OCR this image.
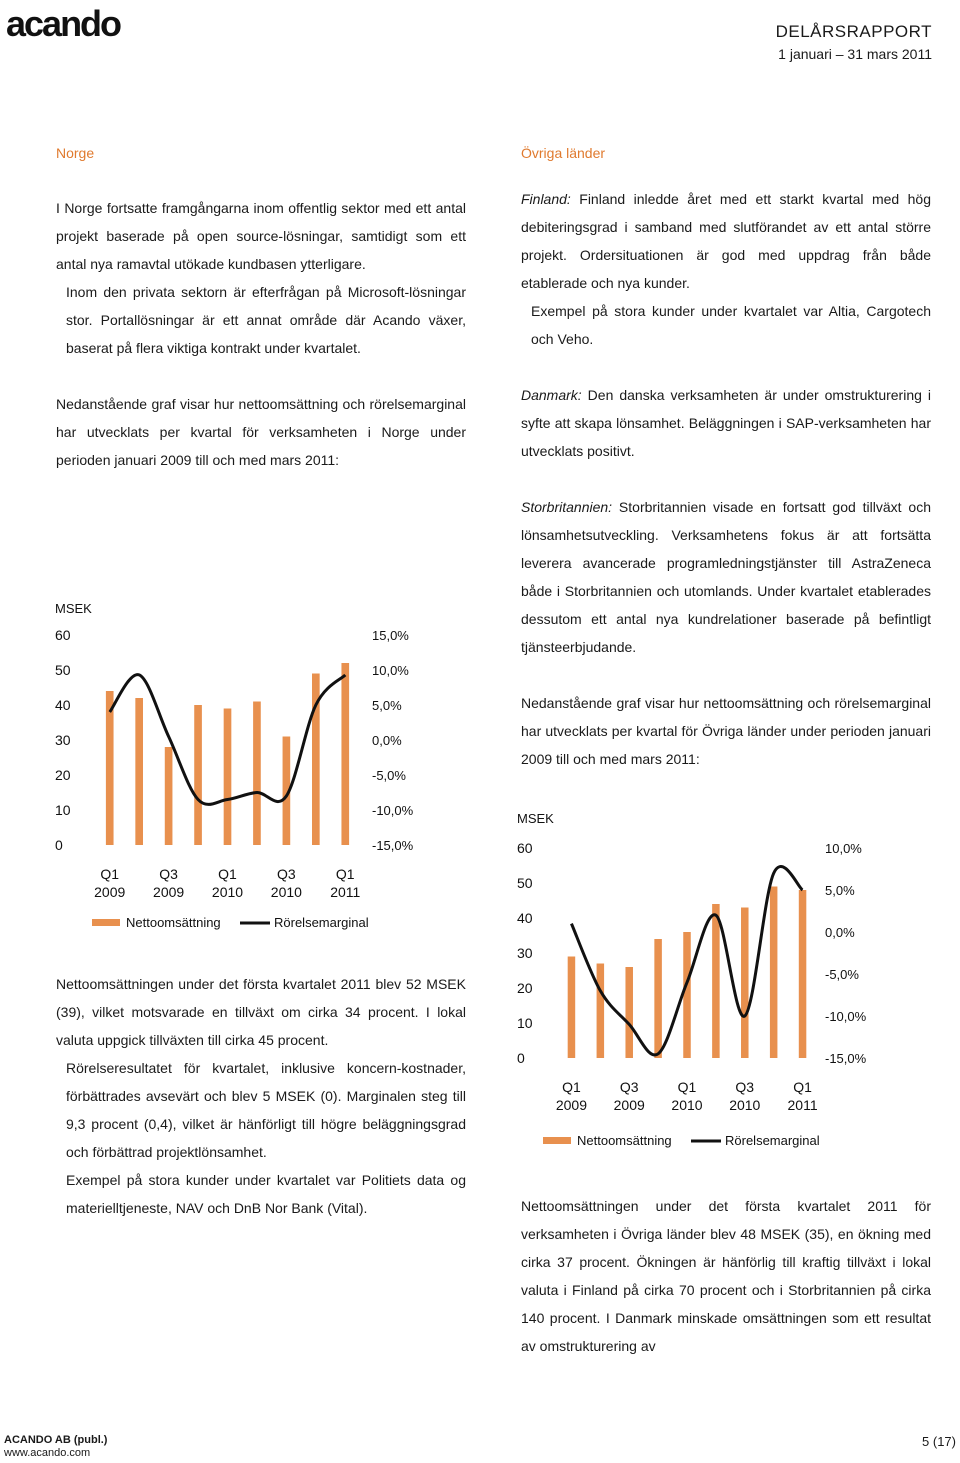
acando	DELÅRSRAPPORT
1 januari – 31 mars 2011
Norge

I Norge fortsatte framgångarna inom offentlig sektor med ett antal projekt baserade på open source-lösningar, samtidigt som ett antal nya ramavtal utökade kundbasen ytterligare.

Inom den privata sektorn är efterfrågan på Microsoft-lösningar stor. Portallösningar är ett annat område där Acando växer, baserat på flera viktiga kontrakt under kvartalet.

Nedanstående graf visar hur nettoomsättning och rörelsemarginal har utvecklats per kvartal för verksamheten i Norge under perioden januari 2009 till och med mars 2011:

MSEK
0
10
20
30
40
50
60
-15,0%
-10,0%
-5,0%
0,0%
5,0%
10,0%
15,0%
Q1
2009
Q3
2009
Q1
2010
Q3
2010
Q1
2011
Nettoomsättning	Rörelsemarginal

Nettoomsättningen under det första kvartalet 2011 blev 52 MSEK (39), vilket motsvarade en tillväxt om cirka 34 procent. I lokal valuta uppgick tillväxten till cirka 45 procent.

Rörelseresultatet för kvartalet, inklusive koncern-kostnader, förbättrades avsevärt och blev 5 MSEK (0). Marginalen steg till 9,3 procent (0,4), vilket är hänförligt till högre beläggningsgrad och förbättrad projektlönsamhet.

Exempel på stora kunder under kvartalet var Politiets data og materielltjeneste, NAV och DnB Nor Bank (Vital).

Övriga länder

Finland: Finland inledde året med ett starkt kvartal med hög debiteringsgrad i samband med slutförandet av ett antal större projekt. Ordersituationen är god med uppdrag från både etablerade och nya kunder.

Exempel på stora kunder under kvartalet var Altia, Cargotech och Veho.

Danmark: Den danska verksamheten är under omstrukturering i syfte att skapa lönsamhet. Beläggningen i SAP-verksamheten har utvecklats positivt.

Storbritannien: Storbritannien visade en fortsatt god tillväxt och lönsamhetsutveckling. Verksamhetens fokus är att fortsätta leverera avancerade programledningstjänster till AstraZeneca både i Storbritannien och utomlands. Under kvartalet etablerades dessutom ett antal nya kundrelationer baserade på befintligt tjänsteerbjudande.

Nedanstående graf visar hur nettoomsättning och rörelsemarginal har utvecklats per kvartal för Övriga länder under perioden januari 2009 till och med mars 2011:

MSEK
0
10
20
30
40
50
60
-15,0%
-10,0%
-5,0%
0,0%
5,0%
10,0%
Q1
2009
Q3
2009
Q1
2010
Q3
2010
Q1
2011
Nettoomsättning	Rörelsemarginal

Nettoomsättningen under det första kvartalet 2011 för verksamheten i Övriga länder blev 48 MSEK (35), en ökning med cirka 37 procent. Ökningen är hänförlig till kraftig tillväxt i lokal valuta i Finland på cirka 70 procent och i Storbritannien på cirka 140 procent. I Danmark minskade omsättningen som ett resultat av omstrukturering av

ACANDO AB (publ.)
www.acando.com
5 (17)
